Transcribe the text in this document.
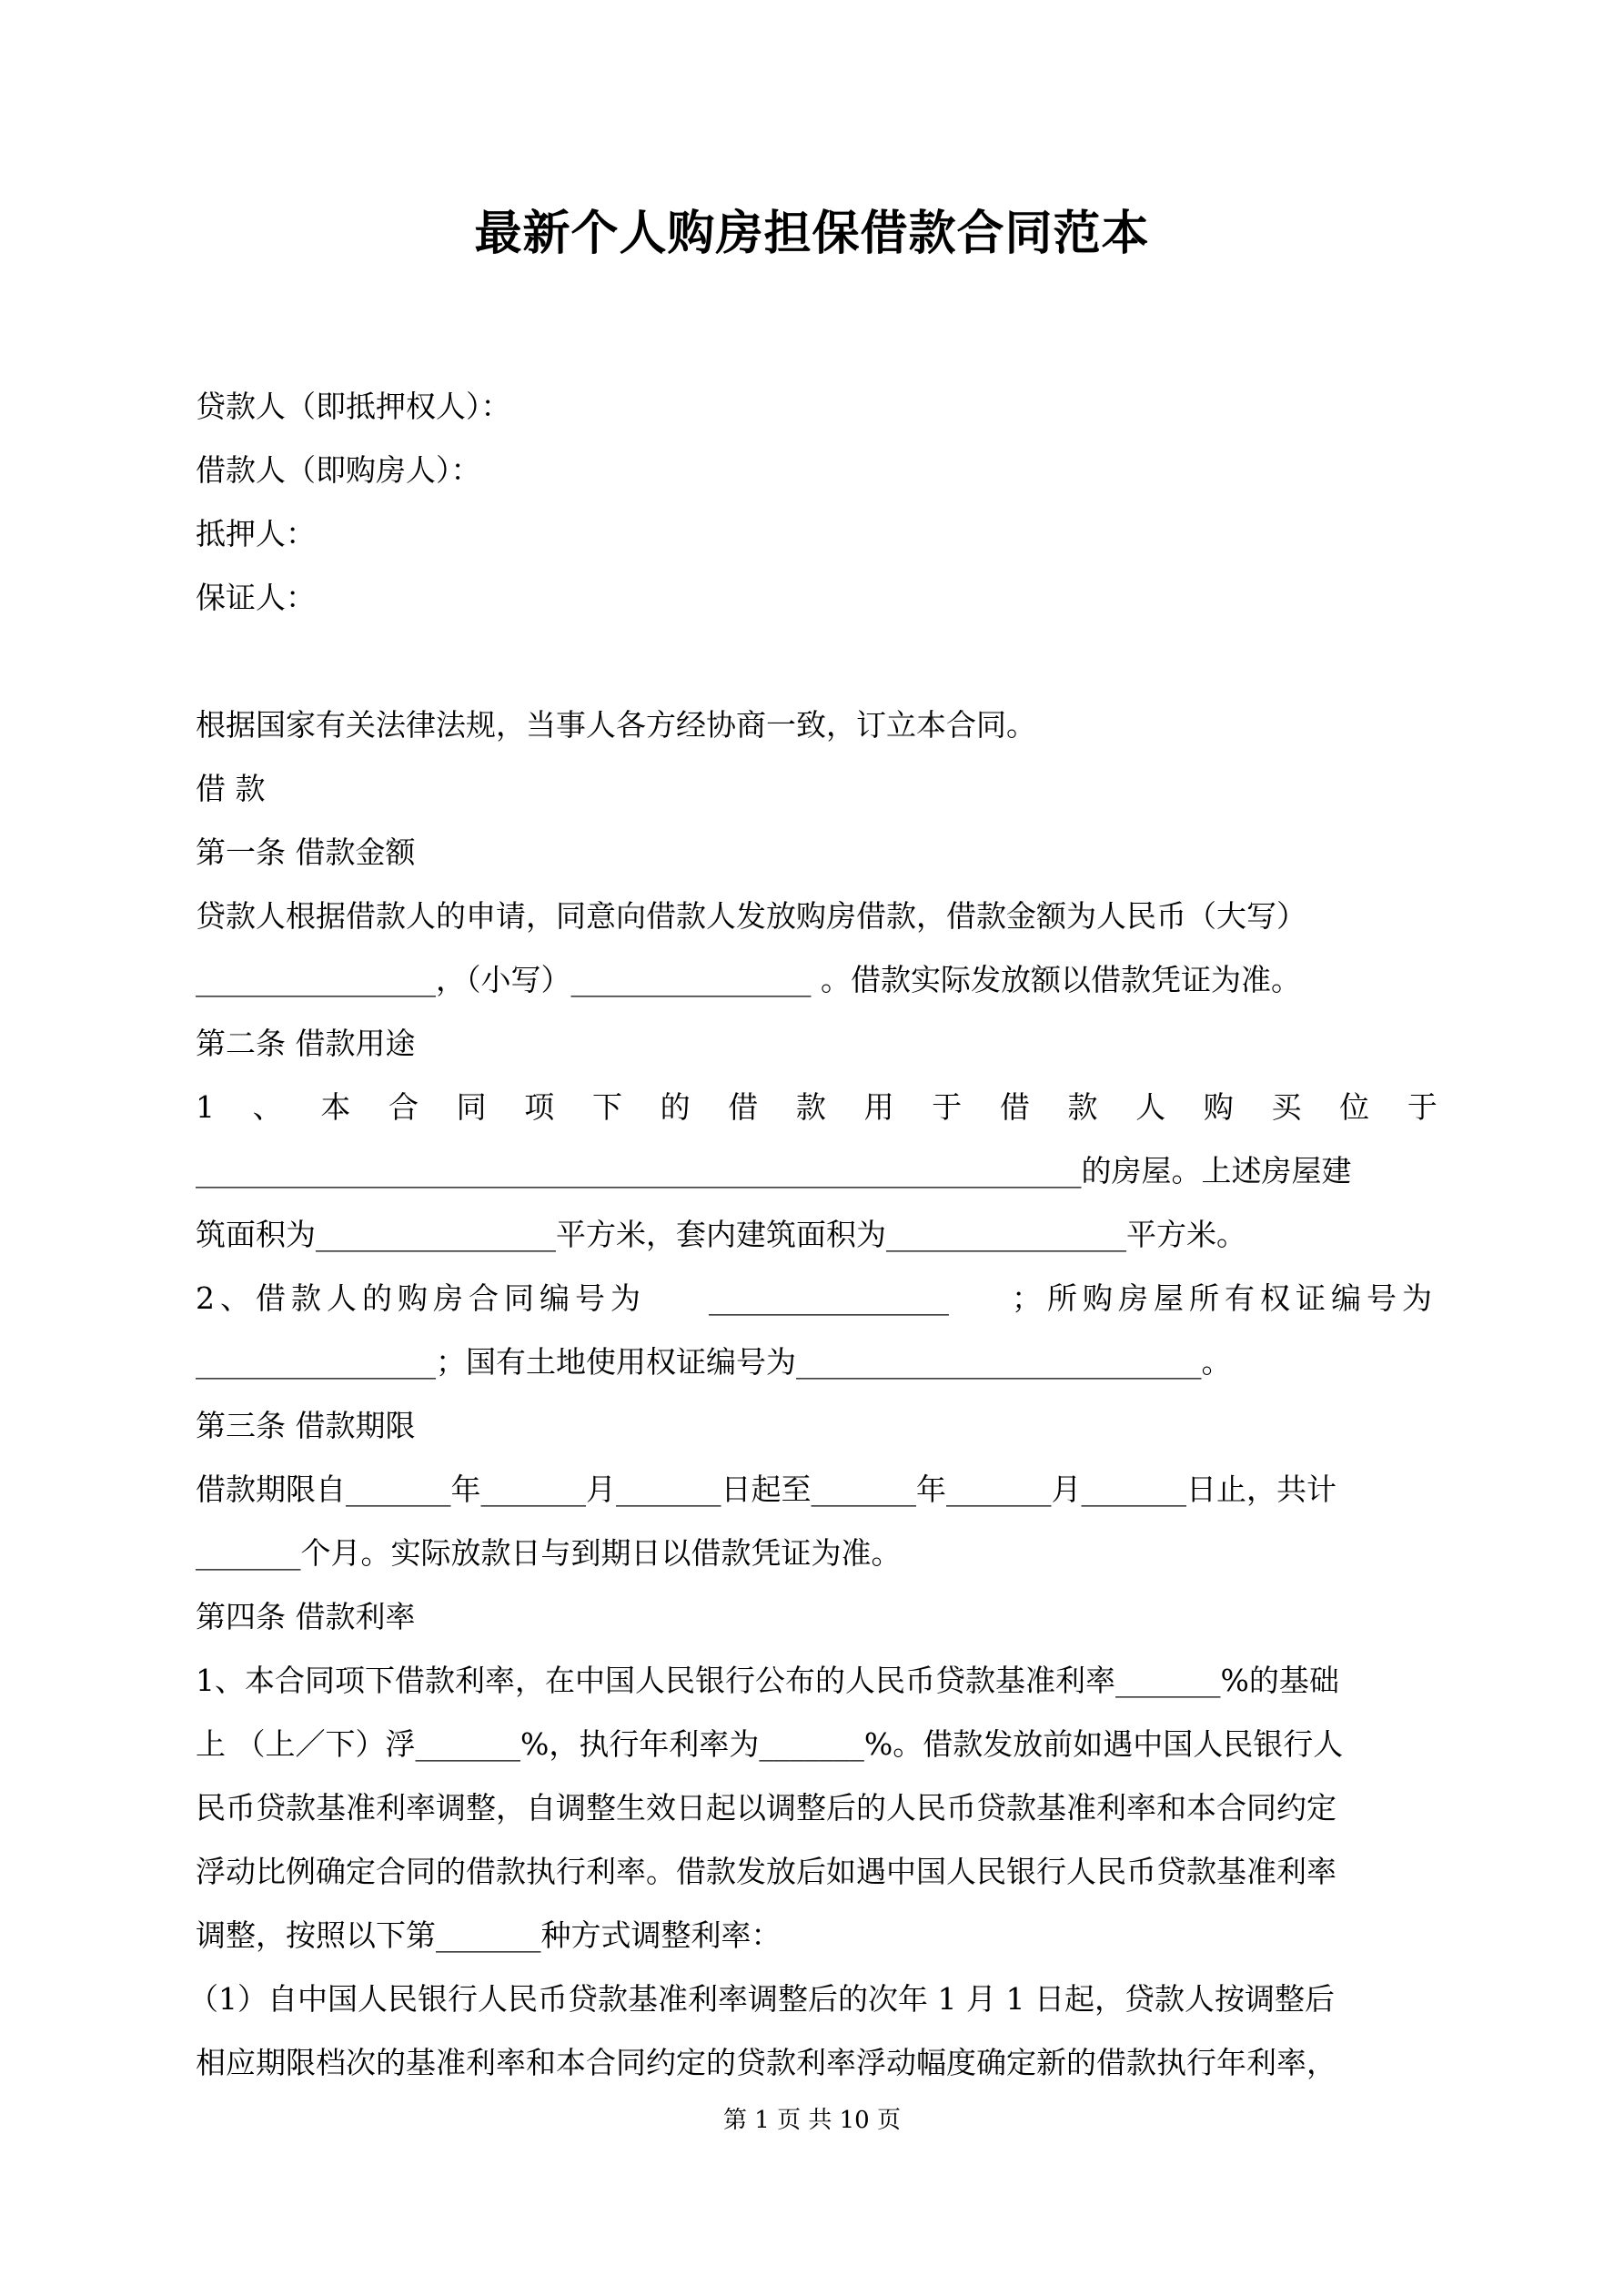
最新个人购房担保借款合同范本

贷款人（即抵押权人）：

借款人（即购房人）：

抵押人：

保证人：

根据国家有关法律法规，当事人各方经协商一致，订立本合同。

借 款

第一条 借款金额

贷款人根据借款人的申请，同意向借款人发放购房借款，借款金额为人民币（大写）

________________，（小写）________________ 。借款实际发放额以借款凭证为准。

第二条 借款用途

1 、 本 合 同 项 下 的 借 款 用 于 借 款 人 购 买 位 于

___________________________________________________________的房屋。上述房屋建

筑面积为________________平方米，套内建筑面积为________________平方米。

2、借款人的购房合同编号为 ________________ ；所购房屋所有权证编号为

________________；国有土地使用权证编号为___________________________。

第三条 借款期限

借款期限自_______年_______月_______日起至_______年_______月_______日止，共计

_______个月。实际放款日与到期日以借款凭证为准。

第四条 借款利率

1、本合同项下借款利率，在中国人民银行公布的人民币贷款基准利率_______%的基础

上 （上／下）浮_______%，执行年利率为_______%。借款发放前如遇中国人民银行人

民币贷款基准利率调整，自调整生效日起以调整后的人民币贷款基准利率和本合同约定

浮动比例确定合同的借款执行利率。借款发放后如遇中国人民银行人民币贷款基准利率

调整，按照以下第_______种方式调整利率：

（1）自中国人民银行人民币贷款基准利率调整后的次年 1 月 1 日起，贷款人按调整后

相应期限档次的基准利率和本合同约定的贷款利率浮动幅度确定新的借款执行年利率，

第 1 页 共 10 页
